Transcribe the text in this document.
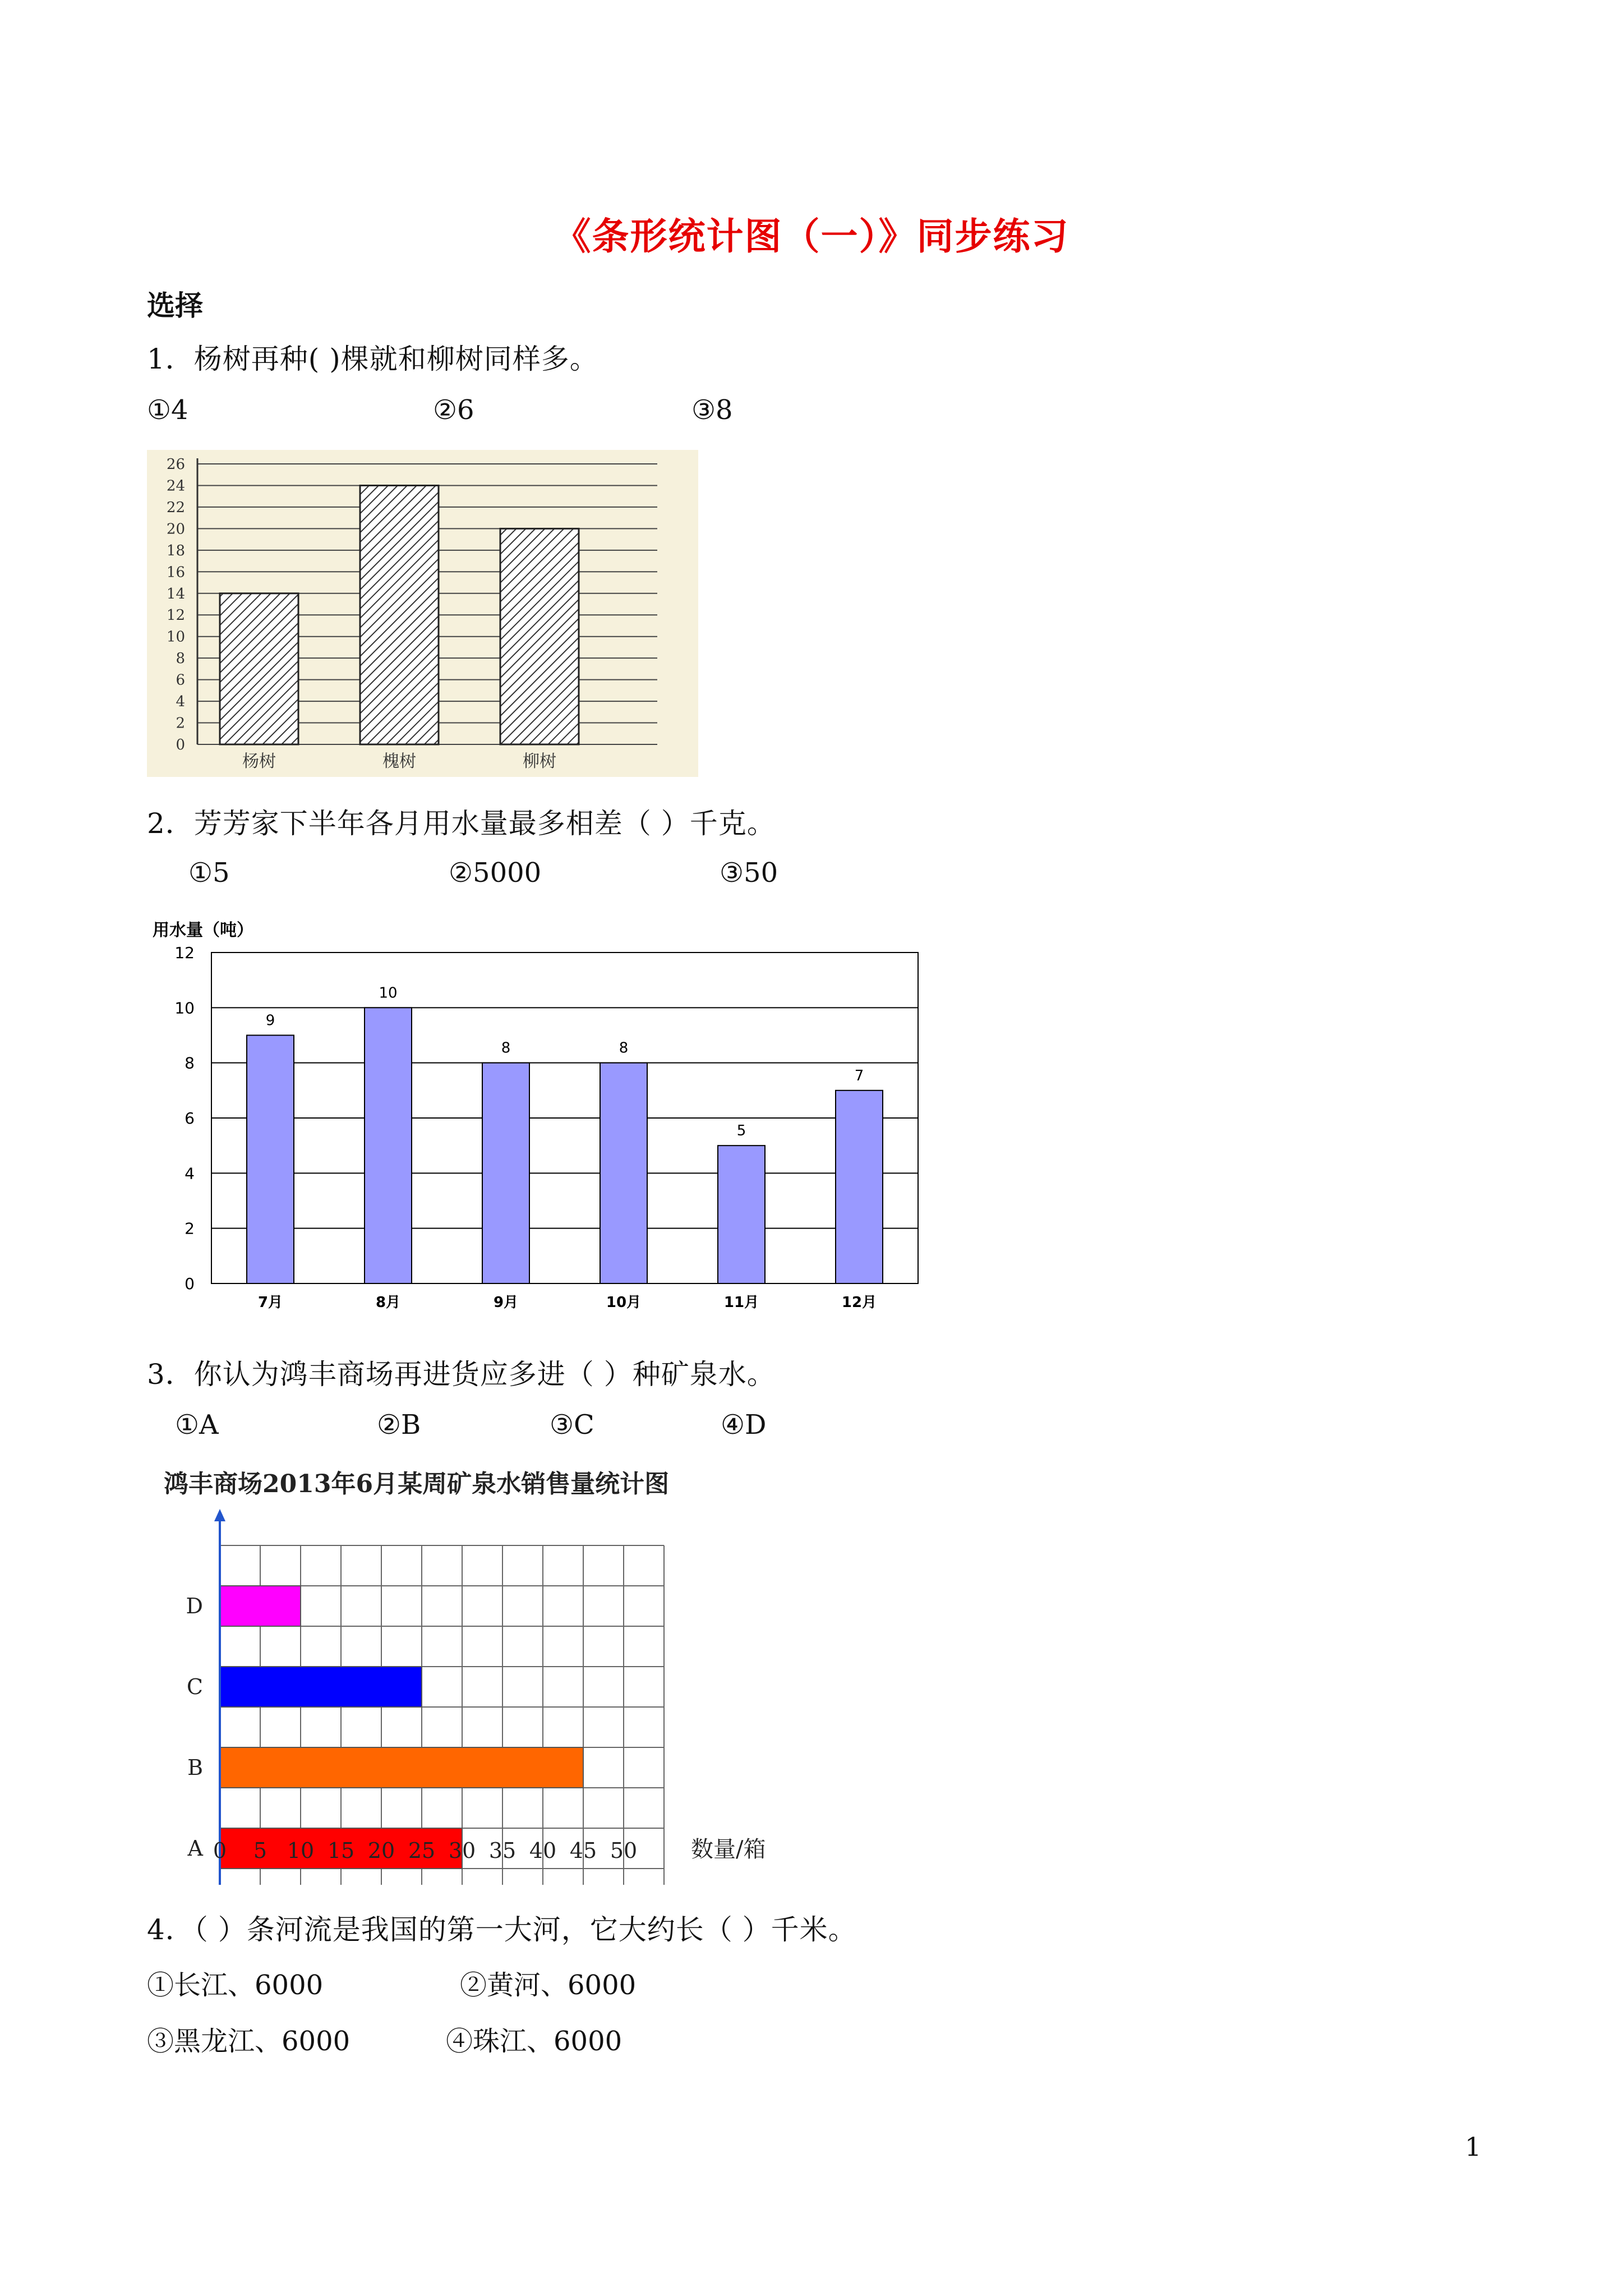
《条形统计图（一）》同步练习
选择
1．杨树再种( )棵就和柳树同样多。
①4	②6	③8
0
2
4
6
8
10
12
14
16
18
20
22
24
26
杨树	槐树	柳树
2．芳芳家下半年各月用水量最多相差（ ）千克。
①5	②5000	③50
用水量（吨）
0
2
4
6
8
10
12
7月	8月	9月	10月	11月	12月
9
10
8	8
5
7
3．你认为鸿丰商场再进货应多进（ ）种矿泉水。
①A	②B	③C	④D
鸿丰商场2013年6月某周矿泉水销售量统计图
D
C
B
A 0 5 10 15 20 25 30 35 40 45 50 数量/箱
4．（ ）条河流是我国的第一大河，它大约长（ ）千米。
①长江、6000	②黄河、6000
③黑龙江、6000	④珠江、6000
1
